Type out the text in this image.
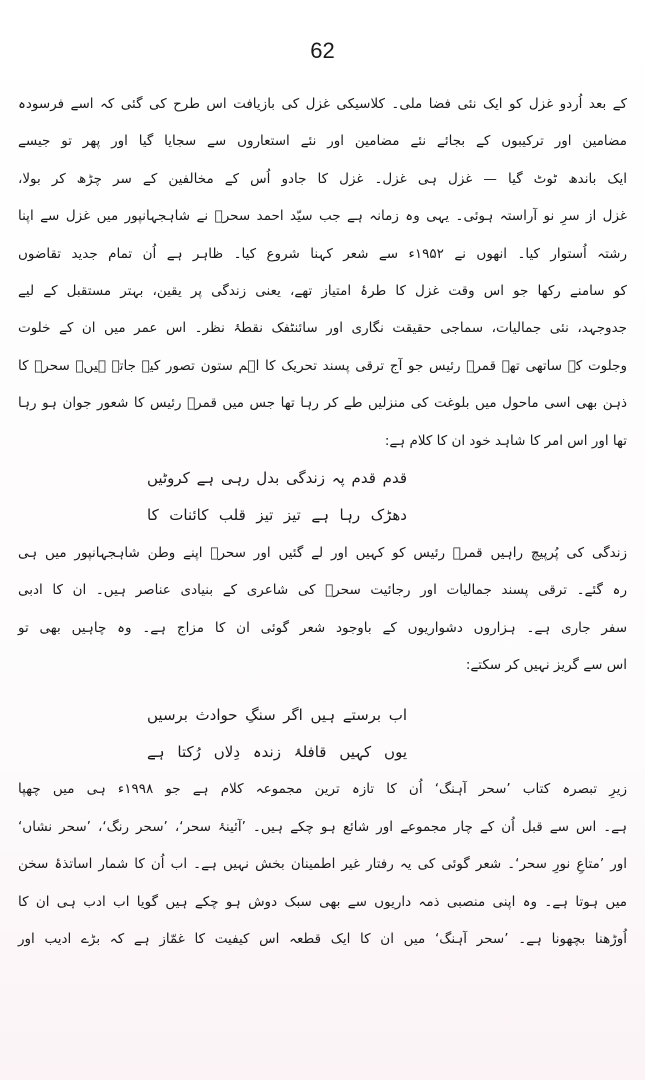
62
کے بعد اُردو غزل کو ایک نئی فضا ملی۔ کلاسیکی غزل کی بازیافت اس طرح کی گئی کہ اسے فرسودہ
مضامین اور ترکیبوں کے بجائے نئے مضامین اور نئے استعاروں سے سجایا گیا اور پھر تو جیسے
ایک باندھ ٹوٹ گیا — غزل ہی غزل۔ غزل کا جادو اُس کے مخالفین کے سر چڑھ کر بولا،
غزل از سرِ نو آراستہ ہوئی۔ یہی وہ زمانہ ہے جب سیّد احمد سحرؔ نے شاہجہانپور میں غزل سے اپنا
رشتہ اُستوار کیا۔ انھوں نے ۱۹۵۲ء سے شعر کہنا شروع کیا۔ ظاہر ہے اُن تمام جدید تقاضوں
کو سامنے رکھا جو اس وقت غزل کا طرۂ امتیاز تھے، یعنی زندگی پر یقین، بہتر مستقبل کے لیے
جدوجہد، نئی جمالیات، سماجی حقیقت نگاری اور سائنٹفک نقطۂ نظر۔ اس عمر میں ان کے خلوت
وجلوت کے ساتھی تھے قمرؔ رئیس جو آج ترقی پسند تحریک کا اہم ستون تصور کیے جاتے ہیں۔ سحرؔ کا
ذہن بھی اسی ماحول میں بلوغت کی منزلیں طے کر رہا تھا جس میں قمرؔ رئیس کا شعور جوان ہو رہا
تھا اور اس امر کا شاہد خود ان کا کلام ہے:
قدم قدم پہ زندگی بدل رہی ہے کروٹیں
دھڑک رہا ہے تیز تیز قلب کائنات کا
زندگی کی پُرپیچ راہیں قمرؔ رئیس کو کہیں اور لے گئیں اور سحرؔ اپنے وطن شاہجہانپور میں ہی
رہ گئے۔ ترقی پسند جمالیات اور رجائیت سحرؔ کی شاعری کے بنیادی عناصر ہیں۔ ان کا ادبی
سفر جاری ہے۔ ہزاروں دشواریوں کے باوجود شعر گوئی ان کا مزاج ہے۔ وہ چاہیں بھی تو
اس سے گریز نہیں کر سکتے:
اب برستے ہیں اگر سنگِ حوادث برسیں
یوں کہیں قافلۂ زندہ دِلاں رُکتا ہے
زیرِ تبصرہ کتاب ’سحر آہنگ‘ اُن کا تازہ ترین مجموعہ کلام ہے جو ۱۹۹۸ء ہی میں چھپا
ہے۔ اس سے قبل اُن کے چار مجموعے اور شائع ہو چکے ہیں۔ ’آئینۂ سحر‘، ’سحر رنگ‘، ’سحر نشاں‘
اور ’متاعِ نورِ سحر‘۔ شعر گوئی کی یہ رفتار غیر اطمینان بخش نہیں ہے۔ اب اُن کا شمار اساتذۂ سخن
میں ہوتا ہے۔ وہ اپنی منصبی ذمہ داریوں سے بھی سبک دوش ہو چکے ہیں گویا اب ادب ہی ان کا
اُوڑھنا بچھونا ہے۔ ’سحر آہنگ‘ میں ان کا ایک قطعہ اس کیفیت کا غمّاز ہے کہ بڑے ادیب اور
